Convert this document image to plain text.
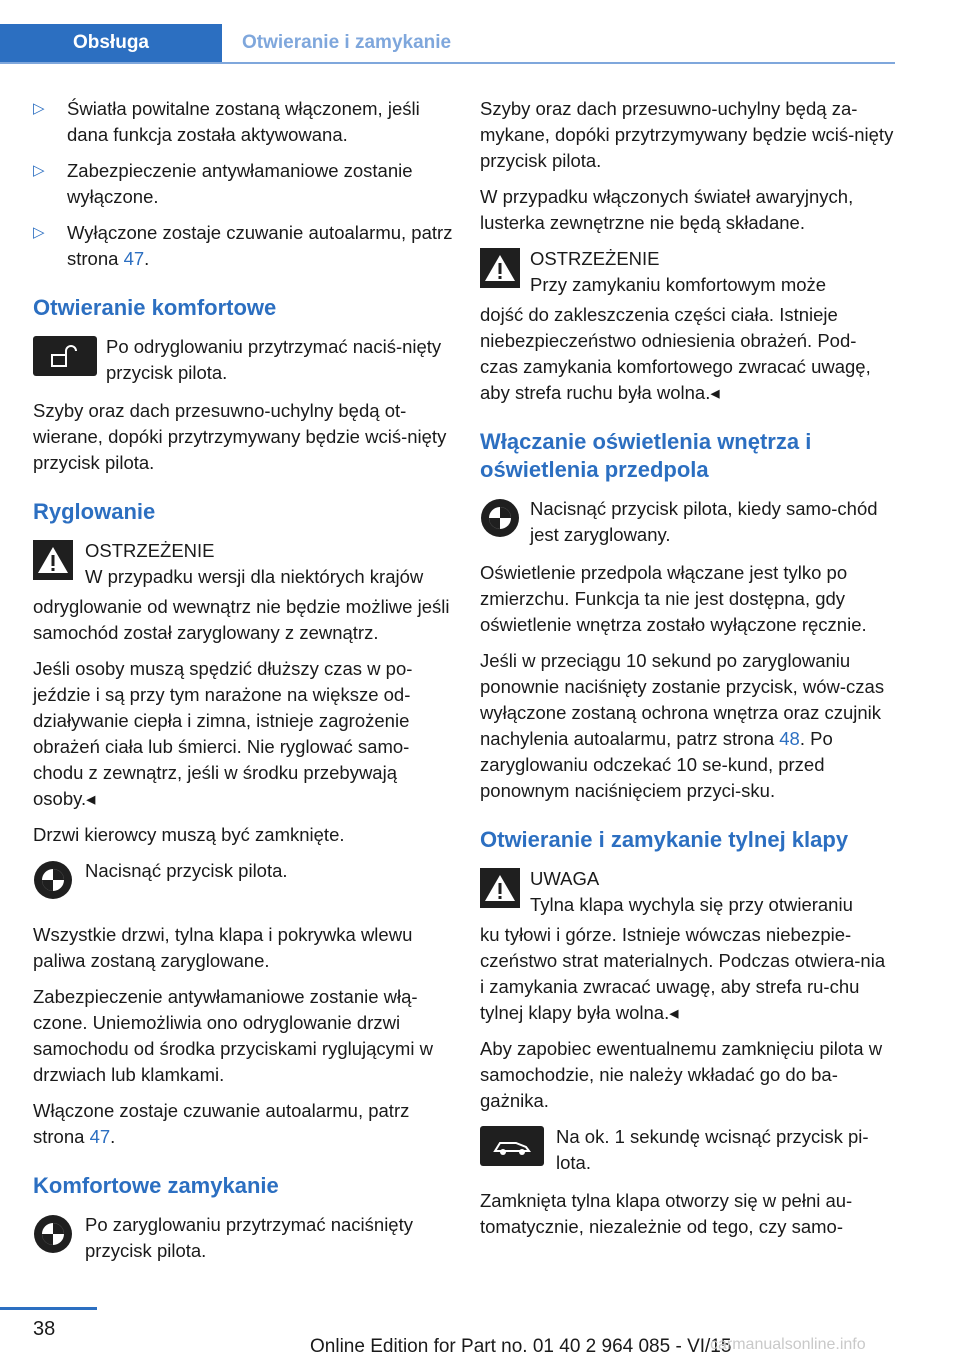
Obsługa	Otwieranie i zamykanie
▷ Światła powitalne zostaną włączonem, jeśli dana funkcja została aktywowana.
▷ Zabezpieczenie antywłamaniowe zostanie wyłączone.
▷ Wyłączone zostaje czuwanie autoalarmu, patrz strona 47.
Otwieranie komfortowe
Po odryglowaniu przytrzymać naciś‐nięty przycisk pilota.

Szyby oraz dach przesuwno-uchylny będą ot‐wierane, dopóki przytrzymywany będzie wciś‐nięty przycisk pilota.

Ryglowanie
OSTRZEŻENIE
W przypadku wersji dla niektórych krajów

odryglowanie od wewnątrz nie będzie możliwe jeśli samochód został zaryglowany z zewnątrz.

Jeśli osoby muszą spędzić dłuższy czas w po‐jeździe i są przy tym narażone na większe od‐działywanie ciepła i zimna, istnieje zagrożenie obrażeń ciała lub śmierci. Nie ryglować samo‐chodu z zewnątrz, jeśli w środku przebywają osoby.◂

Drzwi kierowcy muszą być zamknięte.

Nacisnąć przycisk pilota.

Wszystkie drzwi, tylna klapa i pokrywka wlewu paliwa zostaną zaryglowane.

Zabezpieczenie antywłamaniowe zostanie włą‐czone. Uniemożliwia ono odryglowanie drzwi samochodu od środka przyciskami ryglującymi w drzwiach lub klamkami.

Włączone zostaje czuwanie autoalarmu, patrz strona 47.

Komfortowe zamykanie
Po zaryglowaniu przytrzymać naciśnięty przycisk pilota.

Szyby oraz dach przesuwno-uchylny będą za‐mykane, dopóki przytrzymywany będzie wciś‐nięty przycisk pilota.

W przypadku włączonych świateł awaryjnych, lusterka zewnętrzne nie będą składane.

OSTRZEŻENIE
Przy zamykaniu komfortowym może

dojść do zakleszczenia części ciała. Istnieje niebezpieczeństwo odniesienia obrażeń. Pod‐czas zamykania komfortowego zwracać uwagę, aby strefa ruchu była wolna.◂

Włączanie oświetlenia wnętrza i oświetlenia przedpola
Nacisnąć przycisk pilota, kiedy samo‐chód jest zaryglowany.

Oświetlenie przedpola włączane jest tylko po zmierzchu. Funkcja ta nie jest dostępna, gdy oświetlenie wnętrza zostało wyłączone ręcznie.

Jeśli w przeciągu 10 sekund po zaryglowaniu ponownie naciśnięty zostanie przycisk, wów‐czas wyłączone zostaną ochrona wnętrza oraz czujnik nachylenia autoalarmu, patrz strona 48. Po zaryglowaniu odczekać 10 se‐kund, przed ponownym naciśnięciem przyci‐sku.

Otwieranie i zamykanie tylnej klapy
UWAGA
Tylna klapa wychyla się przy otwieraniu

ku tyłowi i górze. Istnieje wówczas niebezpie‐czeństwo strat materialnych. Podczas otwiera‐nia i zamykania zwracać uwagę, aby strefa ru‐chu tylnej klapy była wolna.◂

Aby zapobiec ewentualnemu zamknięciu pilota w samochodzie, nie należy wkładać go do ba‐gażnika.

Na ok. 1 sekundę wcisnąć przycisk pi‐lota.

Zamknięta tylna klapa otworzy się w pełni au‐tomatycznie, niezależnie od tego, czy samo‐

38
Online Edition for Part no. 01 40 2 964 085 - VI/15
carmanualsonline.info
